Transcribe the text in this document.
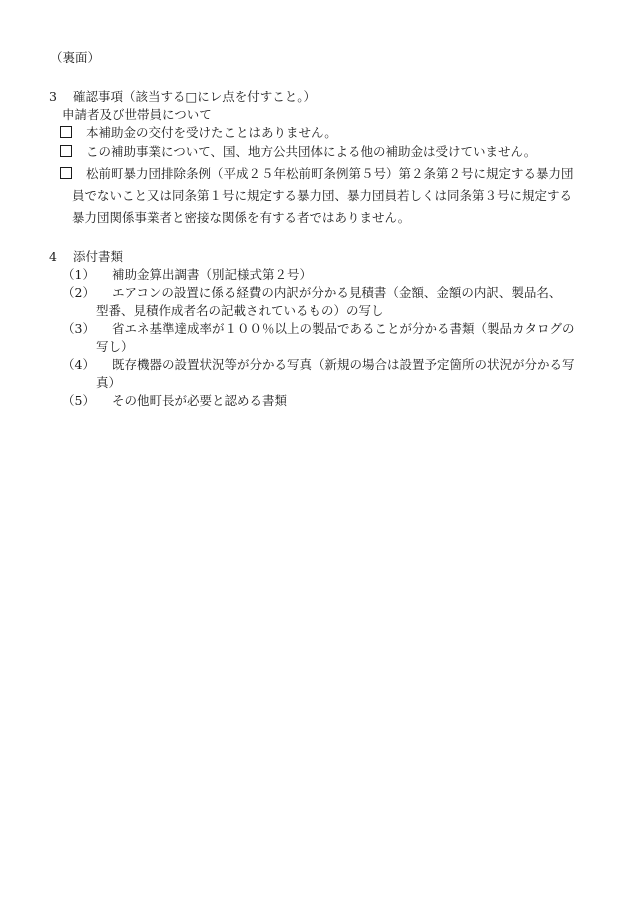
（裏面）
3 確認事項（該当する□にレ点を付すこと。）
申請者及び世帯員について
本補助金の交付を受けたことはありません。
この補助事業について、国、地方公共団体による他の補助金は受けていません。
松前町暴力団排除条例（平成２５年松前町条例第５号）第２条第２号に規定する暴力団
員でないこと又は同条第１号に規定する暴力団、暴力団員若しくは同条第３号に規定する
暴力団関係事業者と密接な関係を有する者ではありません。
4 添付書類
（1） 補助金算出調書（別記様式第２号）
（2） エアコンの設置に係る経費の内訳が分かる見積書（金額、金額の内訳、製品名、
型番、見積作成者名の記載されているもの）の写し
（3） 省エネ基準達成率が１００％以上の製品であることが分かる書類（製品カタログの
写し）
（4） 既存機器の設置状況等が分かる写真（新規の場合は設置予定箇所の状況が分かる写
真）
（5） その他町長が必要と認める書類
